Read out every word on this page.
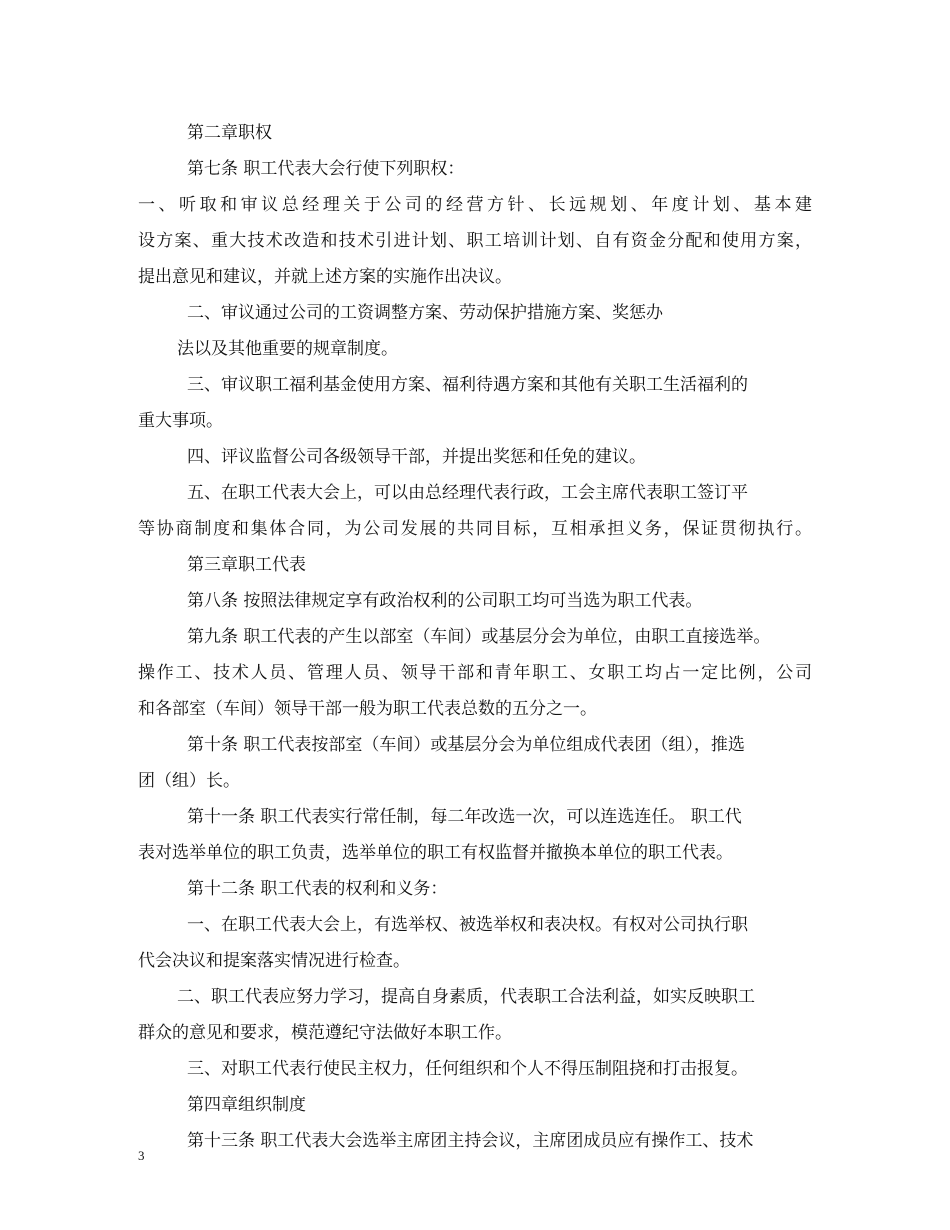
第二章职权
第七条 职工代表大会行使下列职权：
一、听取和审议总经理关于公司的经营方针、长远规划、年度计划、基本建
设方案、重大技术改造和技术引进计划、职工培训计划、自有资金分配和使用方案，
提出意见和建议，并就上述方案的实施作出决议。
二、审议通过公司的工资调整方案、劳动保护措施方案、奖惩办
法以及其他重要的规章制度。
三、审议职工福利基金使用方案、福利待遇方案和其他有关职工生活福利的
重大事项。
四、评议监督公司各级领导干部，并提出奖惩和任免的建议。
五、在职工代表大会上，可以由总经理代表行政，工会主席代表职工签订平
等协商制度和集体合同，为公司发展的共同目标，互相承担义务，保证贯彻执行。
第三章职工代表
第八条 按照法律规定享有政治权利的公司职工均可当选为职工代表。
第九条 职工代表的产生以部室（车间）或基层分会为单位，由职工直接选举。
操作工、技术人员、管理人员、领导干部和青年职工、女职工均占一定比例，公司
和各部室（车间）领导干部一般为职工代表总数的五分之一。
第十条 职工代表按部室（车间）或基层分会为单位组成代表团（组），推选
团（组）长。
第十一条 职工代表实行常任制，每二年改选一次，可以连选连任。 职工代
表对选举单位的职工负责，选举单位的职工有权监督并撤换本单位的职工代表。
第十二条 职工代表的权利和义务：
一、在职工代表大会上，有选举权、被选举权和表决权。有权对公司执行职
代会决议和提案落实情况进行检查。
二、职工代表应努力学习，提高自身素质，代表职工合法利益，如实反映职工
群众的意见和要求，模范遵纪守法做好本职工作。
三、对职工代表行使民主权力，任何组织和个人不得压制阻挠和打击报复。
第四章组织制度
第十三条 职工代表大会选举主席团主持会议，主席团成员应有操作工、技术
3
